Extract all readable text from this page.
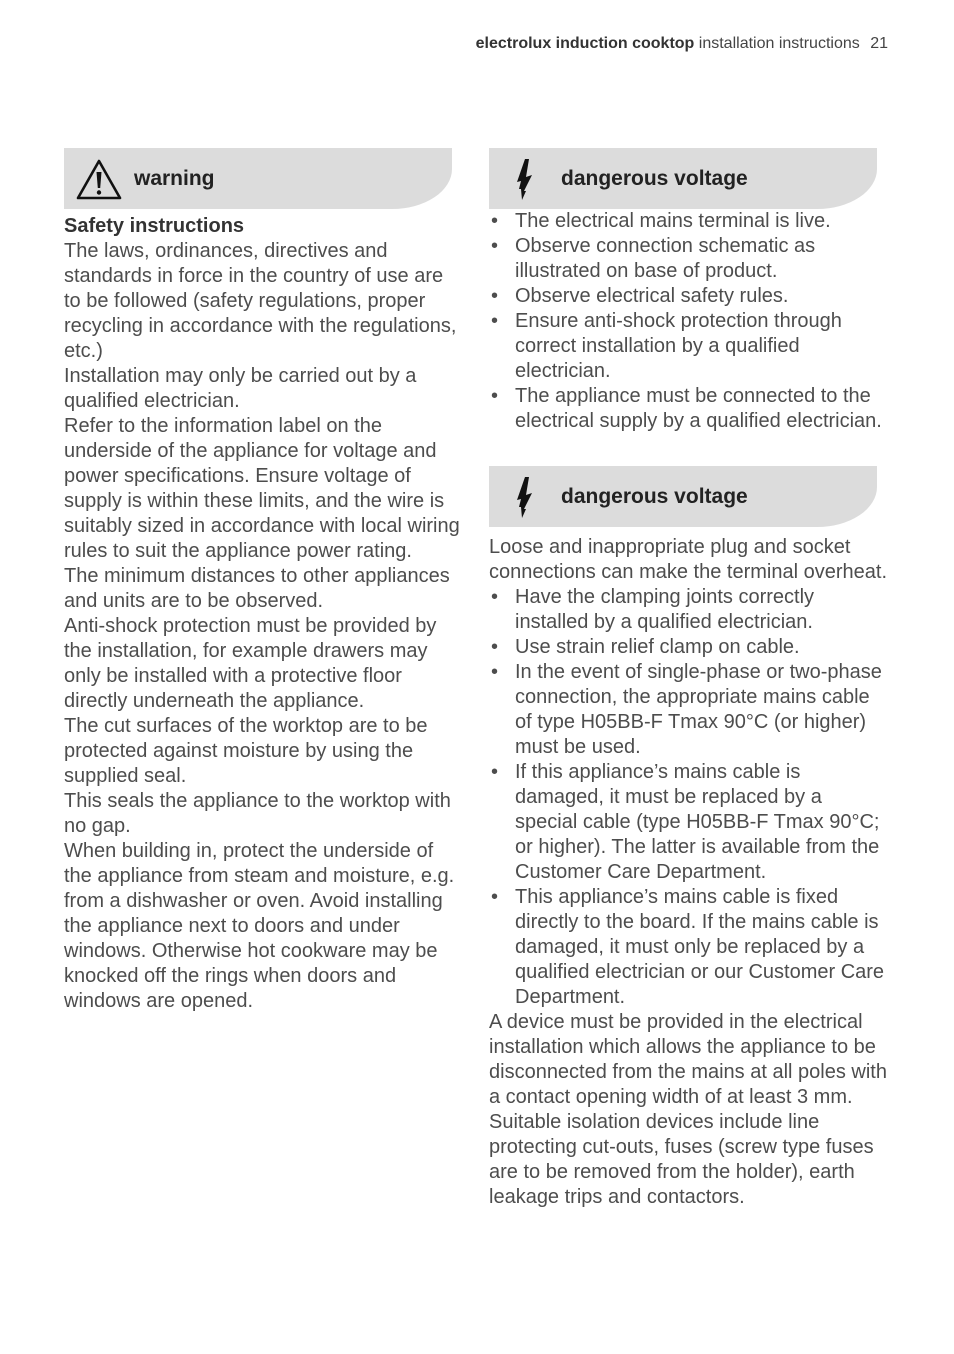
electrolux induction cooktop installation instructions 21
warning
Safety instructions

The laws, ordinances, directives and standards in force in the country of use are to be followed (safety regulations, proper recycling in accordance with the regulations, etc.)

Installation may only be carried out by a qualified electrician.

Refer to the information label on the underside of the appliance for voltage and power specifications. Ensure voltage of supply is within these limits, and the wire is suitably sized in accordance with local wiring rules to suit the appliance power rating.

The minimum distances to other appliances and units are to be observed.

Anti-shock protection must be provided by the installation, for example drawers may only be installed with a protective floor directly underneath the appliance.

The cut surfaces of the worktop are to be protected against moisture by using the supplied seal.

This seals the appliance to the worktop with no gap.

When building in, protect the underside of the appliance from steam and moisture, e.g. from a dishwasher or oven. Avoid installing the appliance next to doors and under windows. Otherwise hot cookware may be knocked off the rings when doors and windows are opened.

dangerous voltage
• The electrical mains terminal is live.
• Observe connection schematic as illustrated on base of product.
• Observe electrical safety rules.
• Ensure anti-shock protection through correct installation by a qualified electrician.
• The appliance must be connected to the electrical supply by a qualified electrician.
dangerous voltage

Loose and inappropriate plug and socket connections can make the terminal overheat.

• Have the clamping joints correctly installed by a qualified electrician.
• Use strain relief clamp on cable.
• In the event of single-phase or two-phase connection, the appropriate mains cable of type H05BB-F Tmax 90°C (or higher) must be used.
• If this appliance’s mains cable is damaged, it must be replaced by a special cable (type H05BB-F Tmax 90°C; or higher). The latter is available from the Customer Care Department.
• This appliance’s mains cable is fixed directly to the board. If the mains cable is damaged, it must only be replaced by a qualified electrician or our Customer Care Department.

A device must be provided in the electrical installation which allows the appliance to be disconnected from the mains at all poles with a contact opening width of at least 3 mm.

Suitable isolation devices include line protecting cut-outs, fuses (screw type fuses are to be removed from the holder), earth leakage trips and contactors.
